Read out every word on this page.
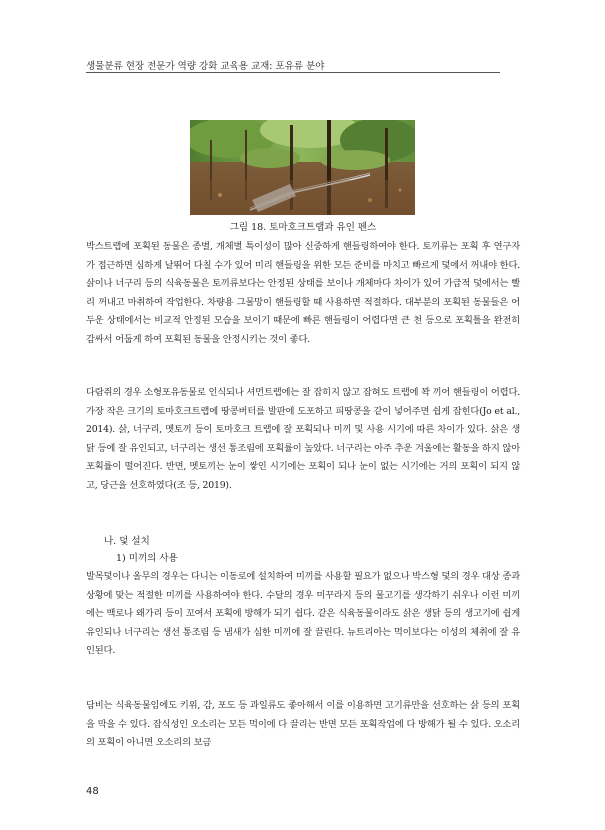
생물분류 현장 전문가 역량 강화 교육용 교재: 포유류 분야
그림 18. 토마호크트랩과 유인 펜스

박스트랩에 포획된 동물은 종별, 개체별 특이성이 많아 신중하게 핸들링하여야 한다. 토끼류는 포획 후 연구자가 접근하면 심하게 날뛰어 다칠 수가 있어 미리 핸들링을 위한 모든 준비를 마치고 빠르게 덫에서 꺼내야 한다. 삵이나 너구리 등의 식육동물은 토끼류보다는 안정된 상태를 보이나 개체마다 차이가 있어 가급적 덫에서는 빨리 꺼내고 마취하여 작업한다. 차량용 그물망이 핸들링할 때 사용하면 적절하다. 대부분의 포획된 동물들은 어두운 상태에서는 비교적 안정된 모습을 보이기 때문에 빠른 핸들링이 어렵다면 큰 천 등으로 포획틀을 완전히 감싸서 어둡게 하여 포획된 동물을 안정시키는 것이 좋다.

다람쥐의 경우 소형포유동물로 인식되나 셔먼트랩에는 잘 잡히지 않고 잡혀도 트랩에 꽉 끼어 핸들링이 어렵다. 가장 작은 크기의 토마호크트랩에 땅콩버터를 발판에 도포하고 피땅콩을 같이 넣어주면 쉽게 잡힌다(Jo et al., 2014). 삵, 너구리, 멧토끼 등이 토마호크 트랩에 잘 포획되나 미끼 및 사용 시기에 따른 차이가 있다. 삵은 생닭 등에 잘 유인되고, 너구리는 생선 통조림에 포획률이 높았다. 너구리는 아주 추운 겨울에는 활동을 하지 않아 포획률이 떨어진다. 반면, 멧토끼는 눈이 쌓인 시기에는 포획이 되나 눈이 없는 시기에는 거의 포획이 되지 않고, 당근을 선호하였다(조 등, 2019).

나. 덫 설치
1) 미끼의 사용

발목덫이나 올무의 경우는 다니는 이동로에 설치하여 미끼를 사용할 필요가 없으나 박스형 덫의 경우 대상 종과 상황에 맞는 적절한 미끼를 사용하여야 한다. 수달의 경우 미꾸라지 등의 물고기를 생각하기 쉬우나 이런 미끼에는 백로나 왜가리 등이 꼬여서 포획에 방해가 되기 쉽다. 같은 식육동물이라도 삵은 생닭 등의 생고기에 쉽게 유인되나 너구리는 생선 통조림 등 냄새가 심한 미끼에 잘 끌린다. 뉴트리아는 먹이보다는 이성의 체취에 잘 유인된다.

담비는 식육동물임에도 키위, 감, 포도 등 과일류도 좋아해서 이를 이용하면 고기류만을 선호하는 삵 등의 포획을 막을 수 있다. 잡식성인 오소리는 모든 먹이에 다 끌리는 반면 모든 포획작업에 다 방해가 될 수 있다. 오소리의 포획이 아니면 오소리의 보금

48
